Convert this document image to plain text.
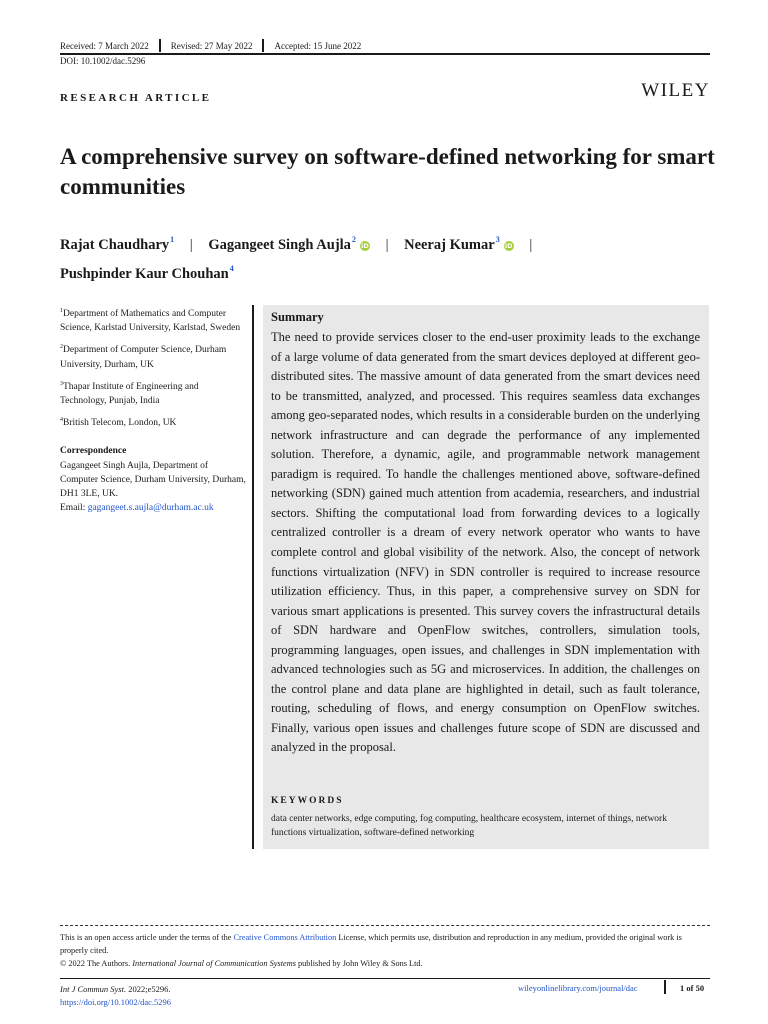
Received: 7 March 2022 Revised: 27 May 2022 Accepted: 15 June 2022
DOI: 10.1002/dac.5296
RESEARCH ARTICLE	WILEY
A comprehensive survey on software-defined networking for smart communities
Rajat Chaudhary$^1$ | Gagangeet Singh Aujla$^2$iD | Neeraj Kumar$^3$iD |
Pushpinder Kaur Chouhan$^4$

$^1$Department of Mathematics and Computer Science, Karlstad University, Karlstad, Sweden

$^2$Department of Computer Science, Durham University, Durham, UK

$^3$Thapar Institute of Engineering and Technology, Punjab, India

$^4$British Telecom, London, UK

Correspondence
Gagangeet Singh Aujla, Department of Computer Science, Durham University, Durham, DH1 3LE, UK.
Email: gagangeet.s.aujla@durham.ac.uk
Summary
The need to provide services closer to the end-user proximity leads to the exchange of a large volume of data generated from the smart devices deployed at different geo-distributed sites. The massive amount of data generated from the smart devices need to be transmitted, analyzed, and processed. This requires seamless data exchanges among geo-separated nodes, which results in a considerable burden on the underlying network infrastructure and can degrade the performance of any implemented solution. Therefore, a dynamic, agile, and programmable network management paradigm is required. To handle the challenges mentioned above, software-defined networking (SDN) gained much attention from academia, researchers, and industrial sectors. Shifting the computational load from forwarding devices to a logically centralized controller is a dream of every network operator who wants to have complete control and global visibility of the network. Also, the concept of network functions virtualization (NFV) in SDN controller is required to increase resource utilization efficiency. Thus, in this paper, a comprehensive survey on SDN for various smart applications is presented. This survey covers the infrastructural details of SDN hardware and OpenFlow switches, controllers, simulation tools, programming languages, open issues, and challenges in SDN implementation with advanced technologies such as 5G and microservices. In addition, the challenges on the control plane and data plane are highlighted in detail, such as fault tolerance, routing, scheduling of flows, and energy consumption on OpenFlow switches. Finally, various open issues and challenges future scope of SDN are discussed and analyzed in the proposal.
KEYWORDS
data center networks, edge computing, fog computing, healthcare ecosystem, internet of things, network functions virtualization, software-defined networking
This is an open access article under the terms of the Creative Commons Attribution License, which permits use, distribution and reproduction in any medium, provided the original work is properly cited.
© 2022 The Authors. International Journal of Communication Systems published by John Wiley & Sons Ltd.
Int J Commun Syst. 2022;e5296.
https://doi.org/10.1002/dac.5296
wileyonlinelibrary.com/journal/dac	1 of 50
